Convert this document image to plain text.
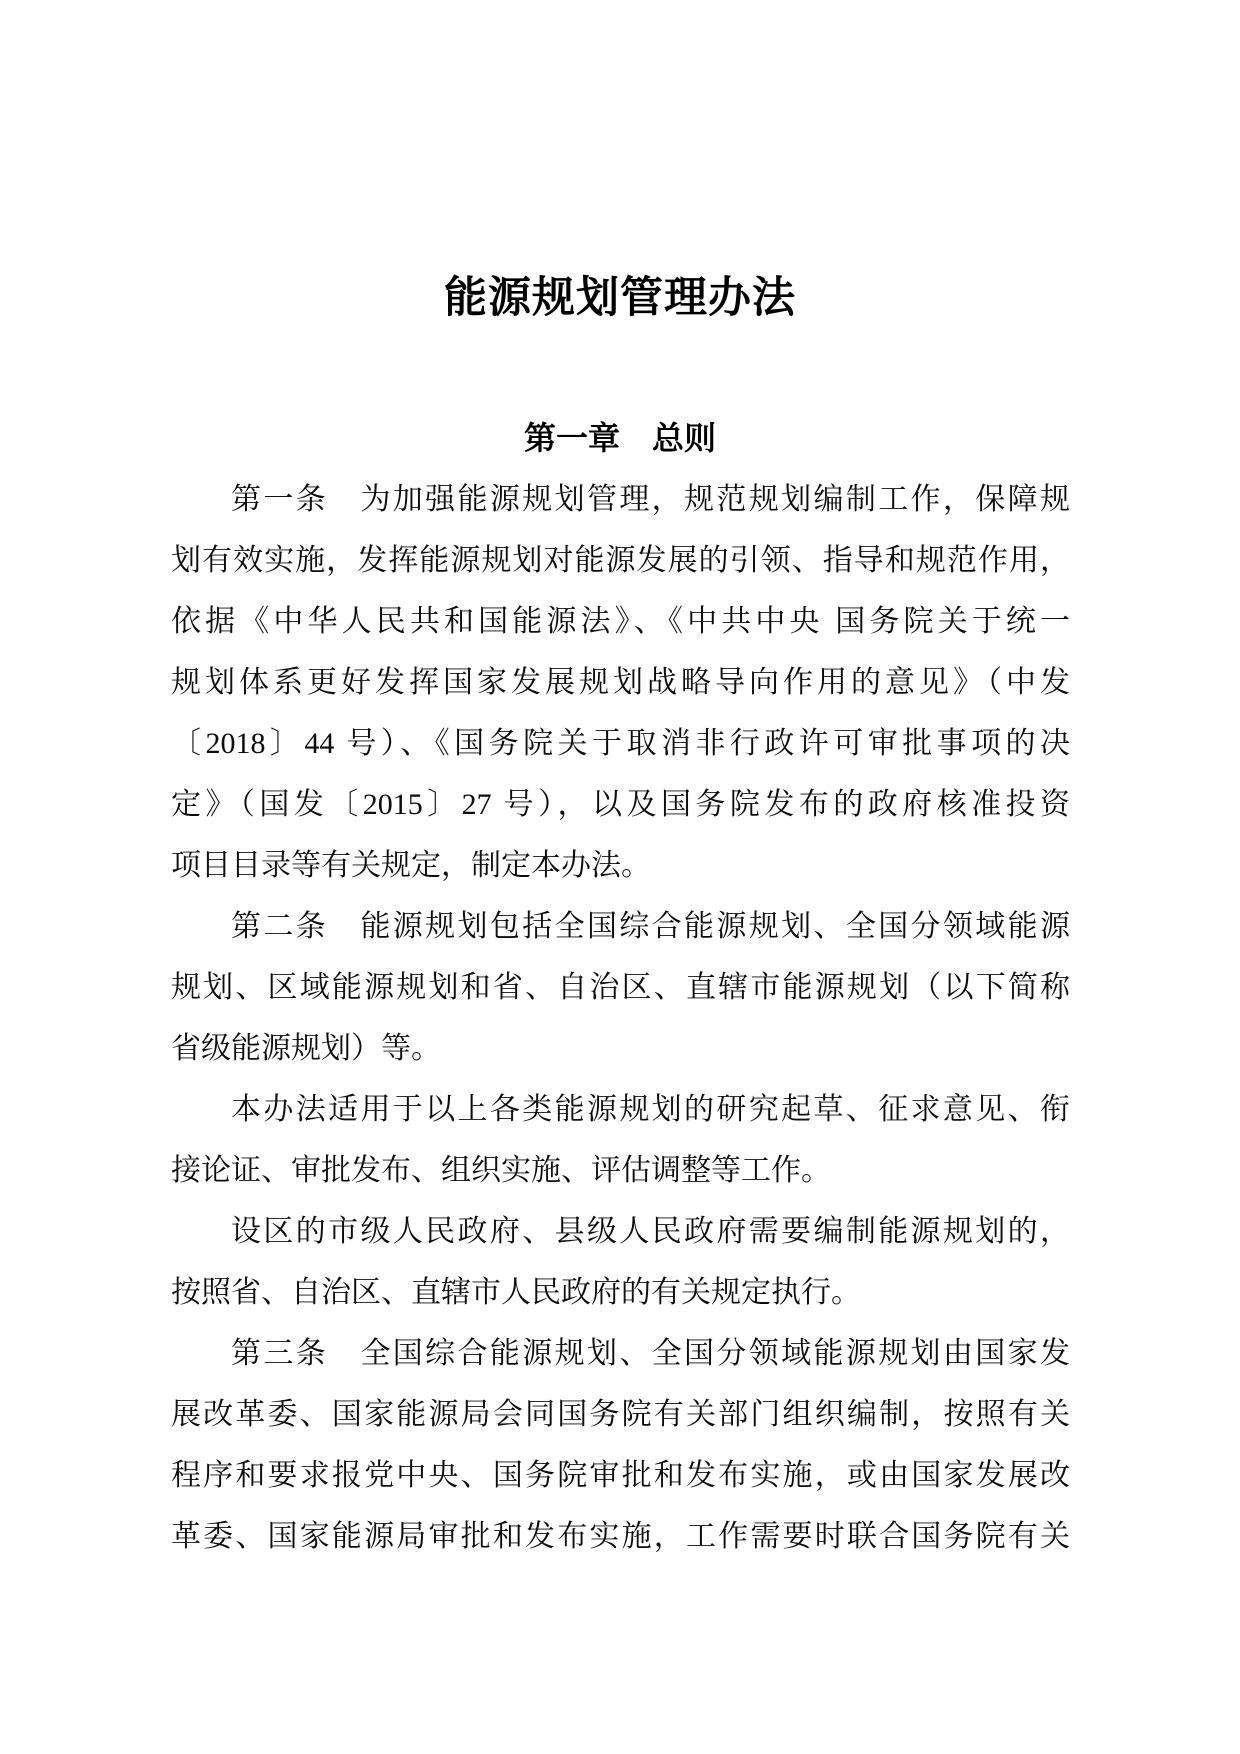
能源规划管理办法
第一章　总则
第一条　为加强能源规划管理，规范规划编制工作，保障规
划有效实施，发挥能源规划对能源发展的引领、指导和规范作用，
依据《中华人民共和国能源法》、《中共中央 国务院关于统一
规划体系更好发挥国家发展规划战略导向作用的意见》（中发
〔2018〕44 号）、《国务院关于取消非行政许可审批事项的决
定》（国发〔2015〕27 号），以及国务院发布的政府核准投资
项目目录等有关规定，制定本办法。
第二条　能源规划包括全国综合能源规划、全国分领域能源
规划、区域能源规划和省、自治区、直辖市能源规划（以下简称
省级能源规划）等。
本办法适用于以上各类能源规划的研究起草、征求意见、衔
接论证、审批发布、组织实施、评估调整等工作。
设区的市级人民政府、县级人民政府需要编制能源规划的，
按照省、自治区、直辖市人民政府的有关规定执行。
第三条　全国综合能源规划、全国分领域能源规划由国家发
展改革委、国家能源局会同国务院有关部门组织编制，按照有关
程序和要求报党中央、国务院审批和发布实施，或由国家发展改
革委、国家能源局审批和发布实施，工作需要时联合国务院有关
